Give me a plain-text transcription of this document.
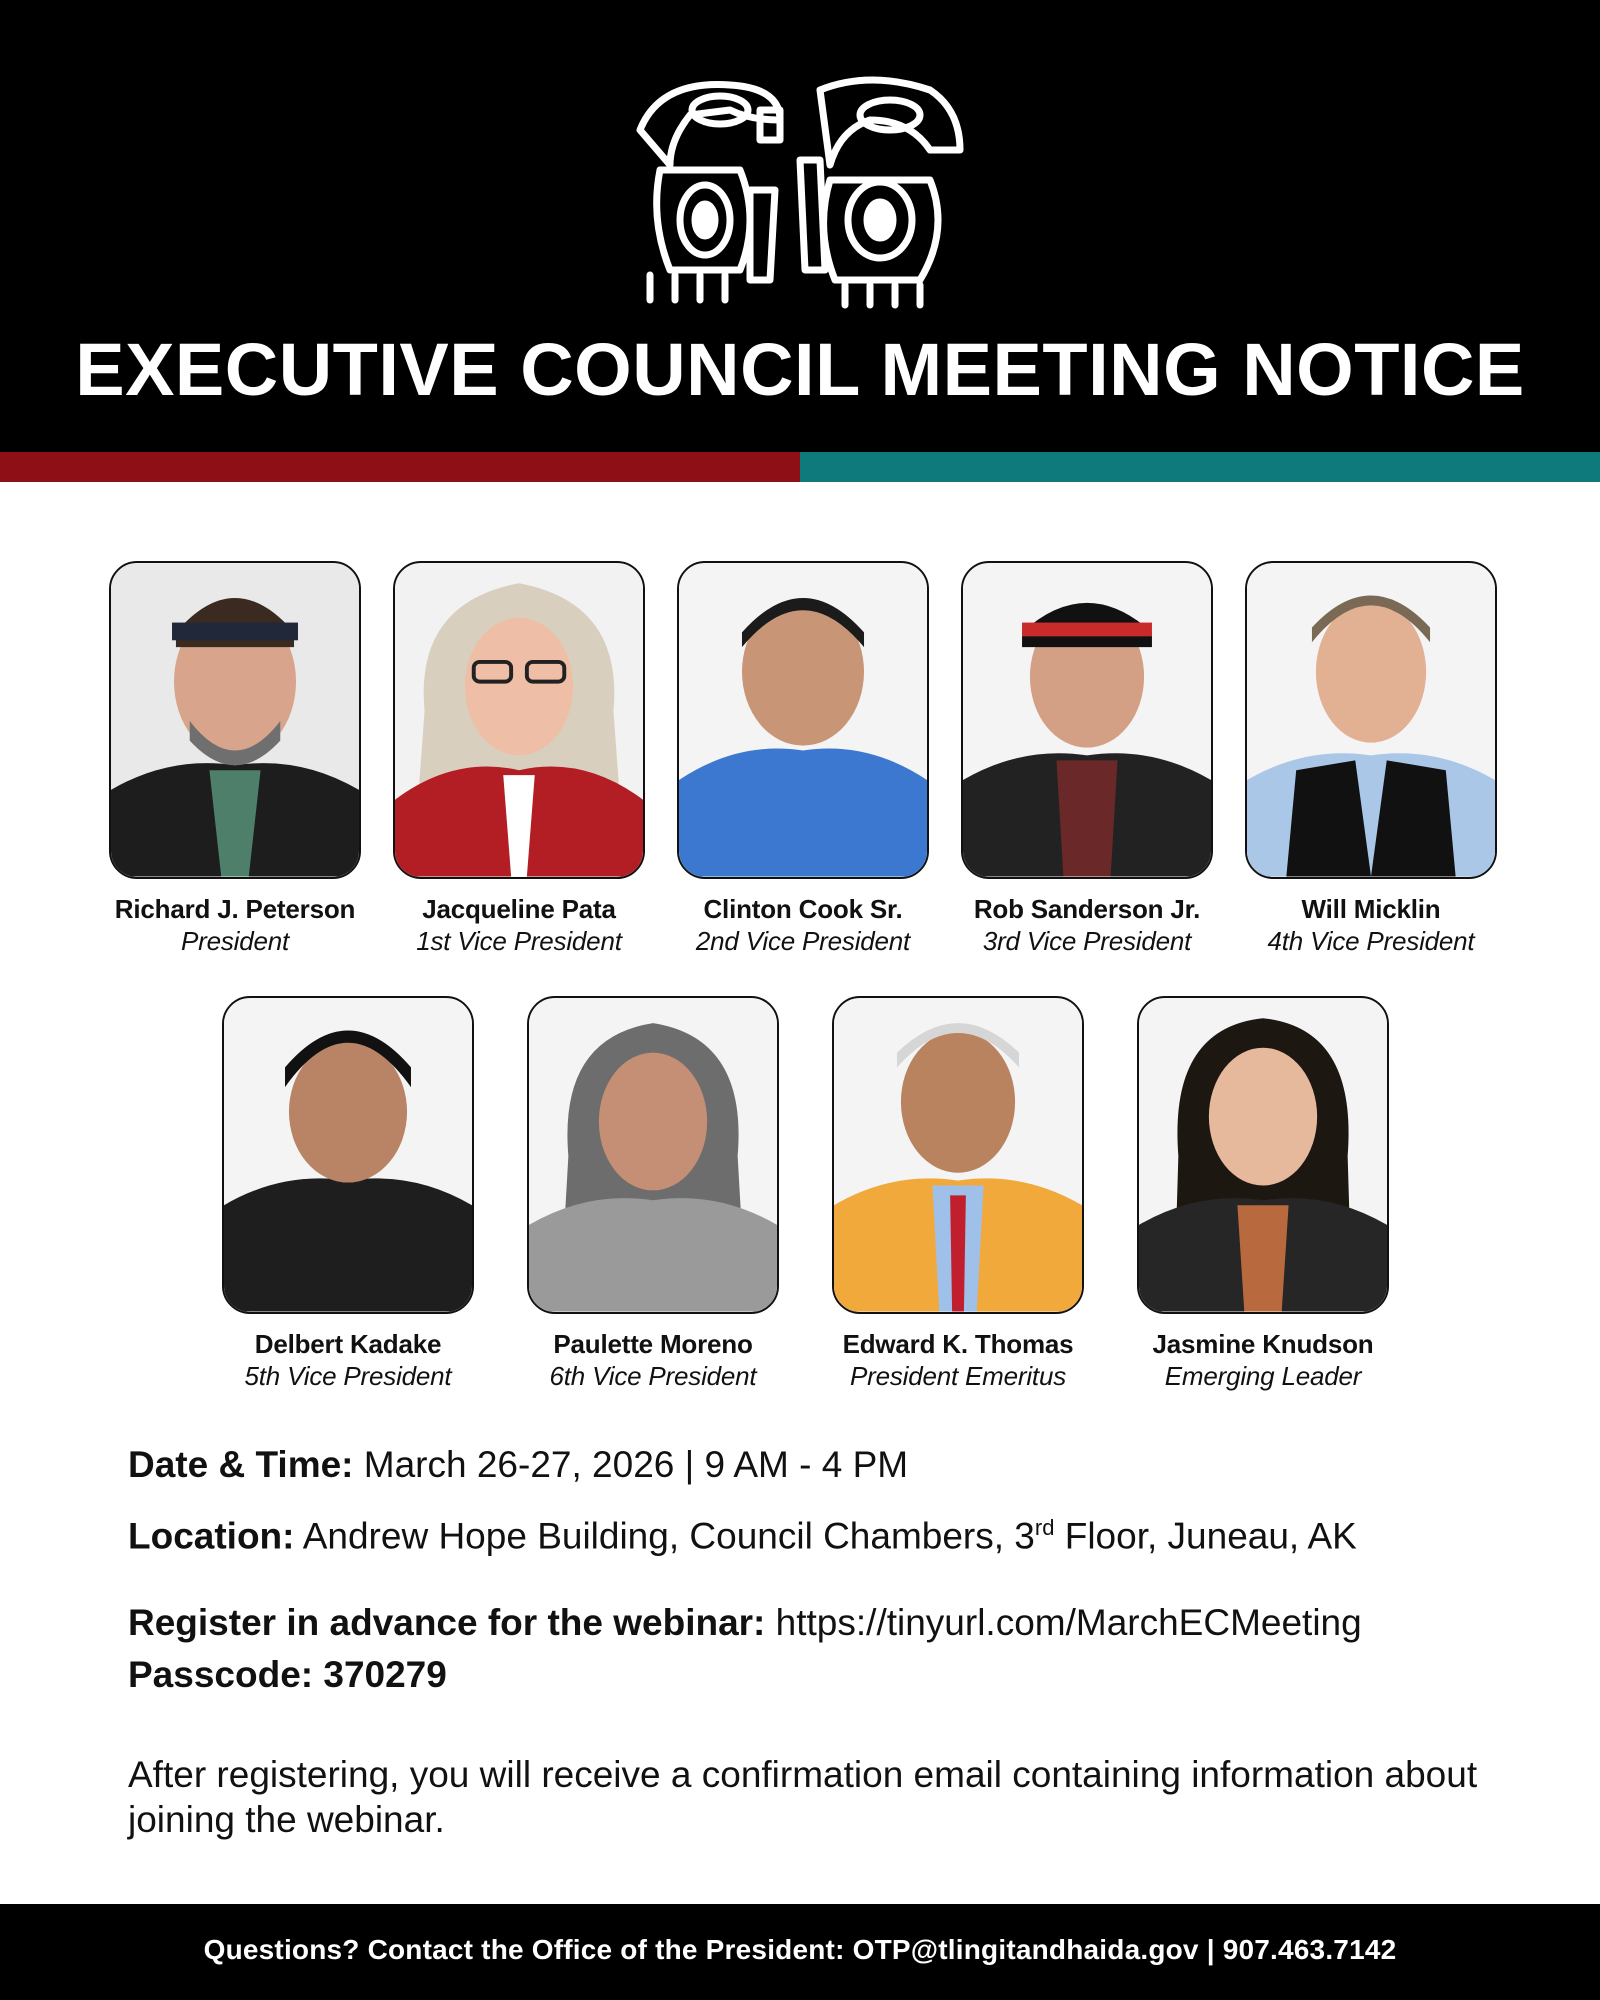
EXECUTIVE COUNCIL MEETING NOTICE
Richard J. Peterson
President
Jacqueline Pata
1st Vice President
Clinton Cook Sr.
2nd Vice President
Rob Sanderson Jr.
3rd Vice President
Will Micklin
4th Vice President
Delbert Kadake
5th Vice President
Paulette Moreno
6th Vice President
Edward K. Thomas
President Emeritus
Jasmine Knudson
Emerging Leader
Date & Time: March 26-27, 2026 | 9 AM - 4 PM
Location: Andrew Hope Building, Council Chambers, 3rd Floor, Juneau, AK
Register in advance for the webinar: https://tinyurl.com/MarchECMeeting
Passcode: 370279
After registering, you will receive a confirmation email containing information about joining the webinar.
Questions? Contact the Office of the President: OTP@tlingitandhaida.gov | 907.463.7142
